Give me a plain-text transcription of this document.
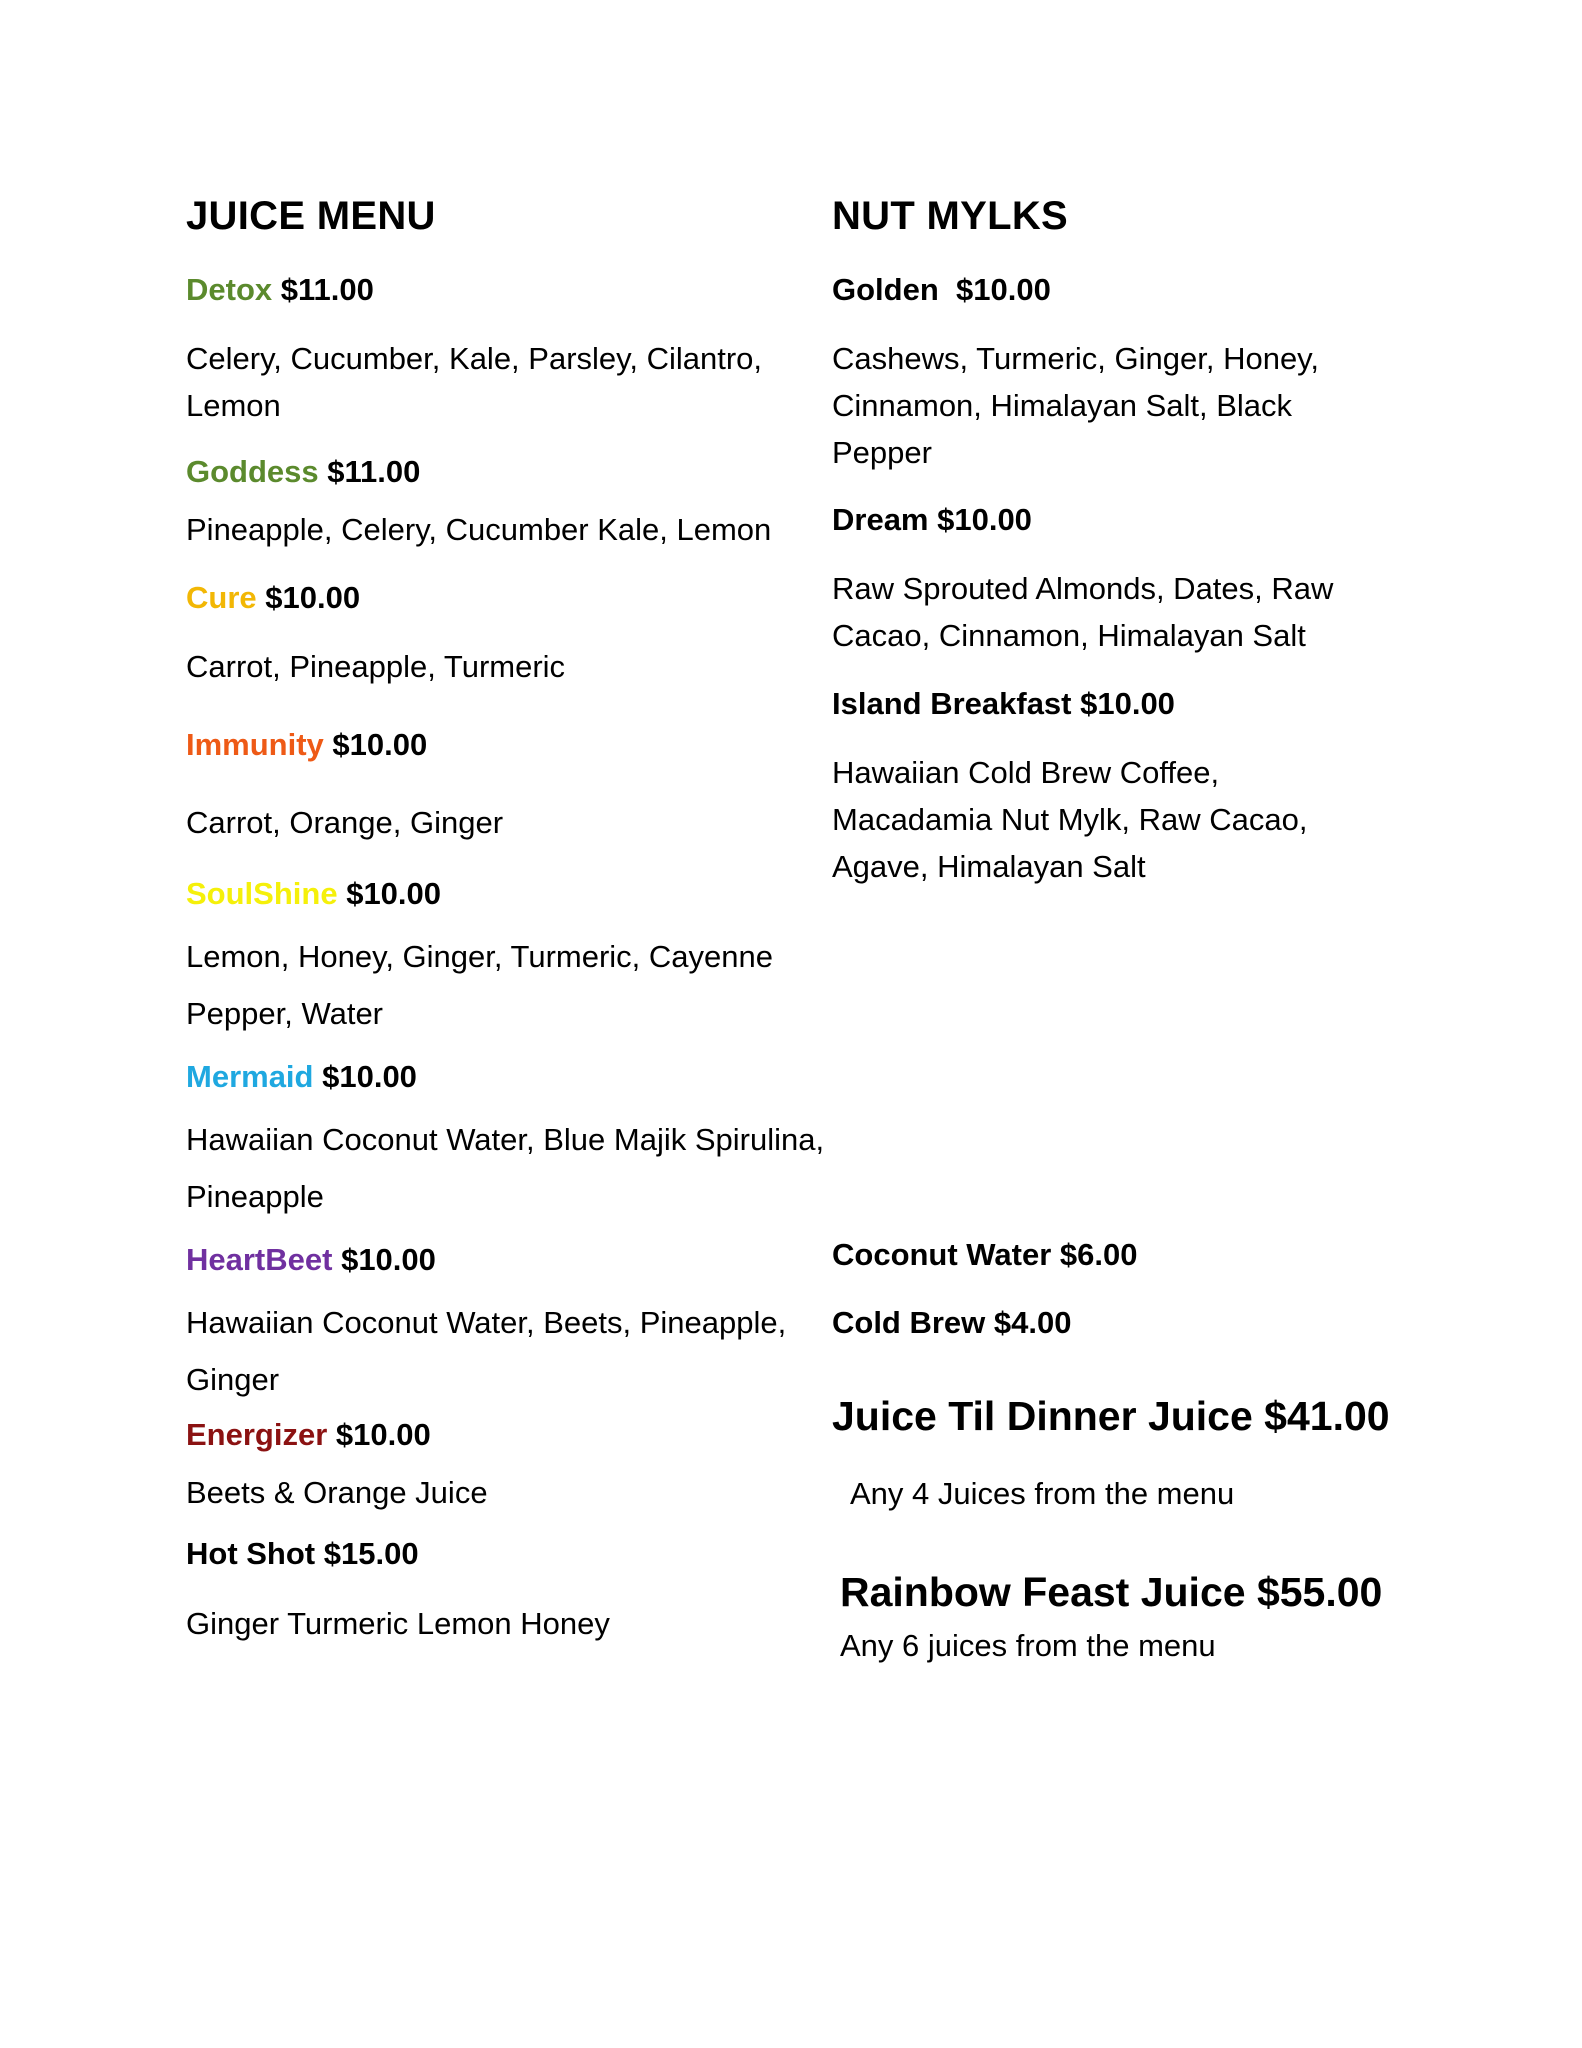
JUICE MENU

Detox $11.00

Celery, Cucumber, Kale, Parsley, Cilantro, Lemon

Goddess $11.00

Pineapple, Celery, Cucumber Kale, Lemon

Cure $10.00

Carrot, Pineapple, Turmeric

Immunity $10.00

Carrot, Orange, Ginger

SoulShine $10.00

Lemon, Honey, Ginger, Turmeric, Cayenne Pepper, Water

Mermaid $10.00

Hawaiian Coconut Water, Blue Majik Spirulina, Pineapple

HeartBeet $10.00

Hawaiian Coconut Water, Beets, Pineapple, Ginger

Energizer $10.00

Beets & Orange Juice

Hot Shot $15.00

Ginger Turmeric Lemon Honey

NUT MYLKS

Golden  $10.00

Cashews, Turmeric, Ginger, Honey, Cinnamon, Himalayan Salt, Black Pepper

Dream $10.00

Raw Sprouted Almonds, Dates, Raw Cacao, Cinnamon, Himalayan Salt

Island Breakfast $10.00

Hawaiian Cold Brew Coffee, Macadamia Nut Mylk, Raw Cacao, Agave, Himalayan Salt

Coconut Water $6.00

Cold Brew $4.00

Juice Til Dinner Juice $41.00

Any 4 Juices from the menu

Rainbow Feast Juice $55.00

Any 6 juices from the menu
